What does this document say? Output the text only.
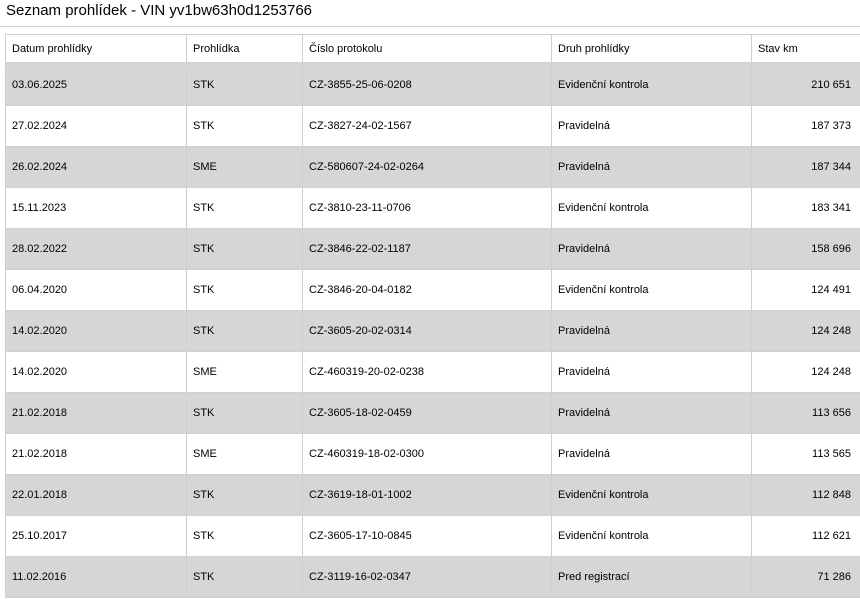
Seznam prohlídek - VIN yv1bw63h0d1253766
Datum prohlídky	Prohlídka	Číslo protokolu	Druh prohlídky	Stav km
03.06.2025	STK	CZ-3855-25-06-0208	Evidenční kontrola	210 651
27.02.2024	STK	CZ-3827-24-02-1567	Pravidelná	187 373
26.02.2024	SME	CZ-580607-24-02-0264	Pravidelná	187 344
15.11.2023	STK	CZ-3810-23-11-0706	Evidenční kontrola	183 341
28.02.2022	STK	CZ-3846-22-02-1187	Pravidelná	158 696
06.04.2020	STK	CZ-3846-20-04-0182	Evidenční kontrola	124 491
14.02.2020	STK	CZ-3605-20-02-0314	Pravidelná	124 248
14.02.2020	SME	CZ-460319-20-02-0238	Pravidelná	124 248
21.02.2018	STK	CZ-3605-18-02-0459	Pravidelná	113 656
21.02.2018	SME	CZ-460319-18-02-0300	Pravidelná	113 565
22.01.2018	STK	CZ-3619-18-01-1002	Evidenční kontrola	112 848
25.10.2017	STK	CZ-3605-17-10-0845	Evidenční kontrola	112 621
11.02.2016	STK	CZ-3119-16-02-0347	Pred registrací	71 286
